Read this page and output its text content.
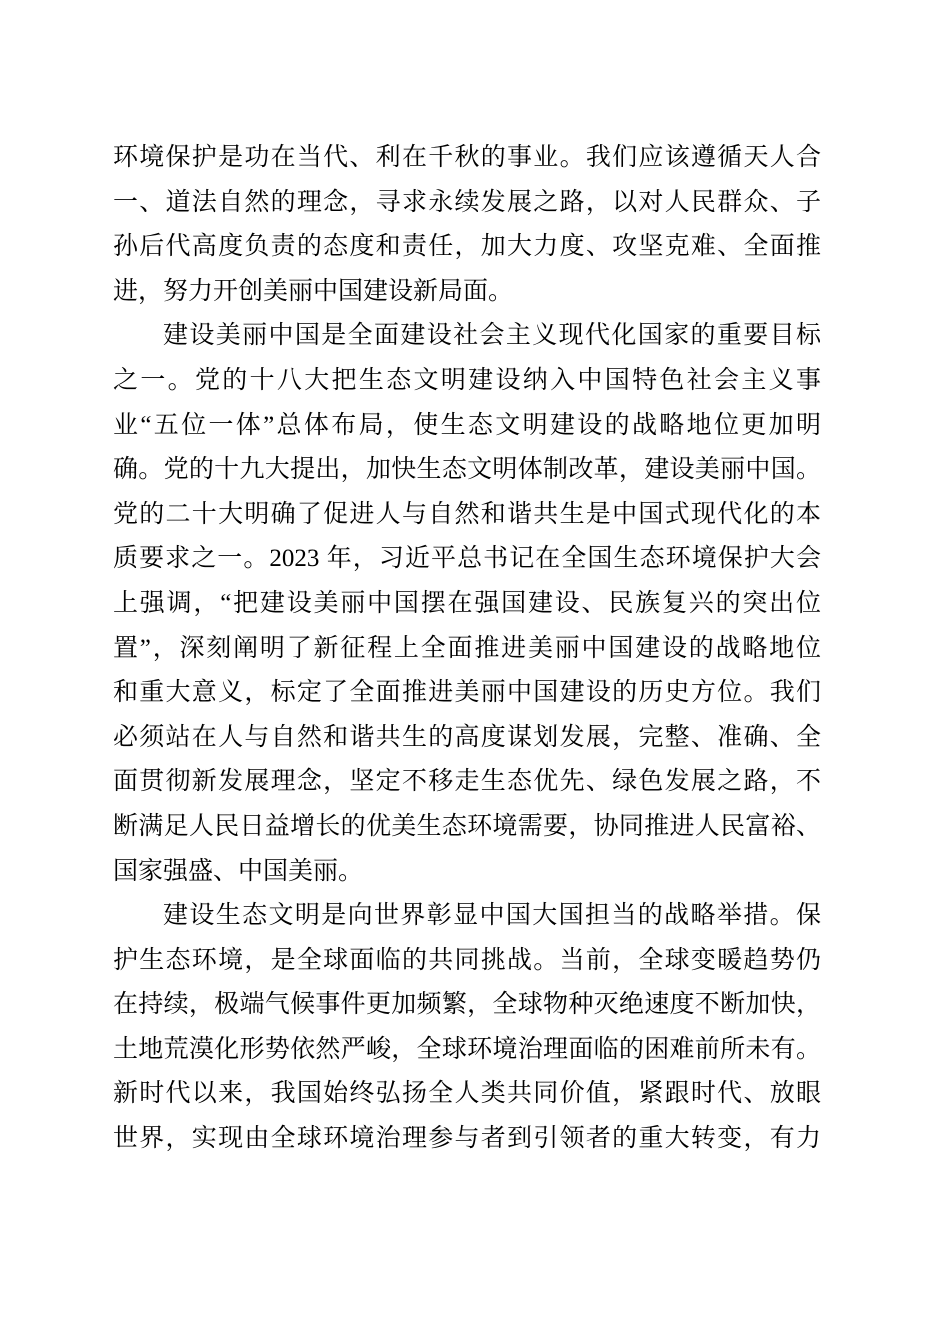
环境保护是功在当代、利在千秋的事业。我们应该遵循天人合
一、道法自然的理念，寻求永续发展之路，以对人民群众、子
孙后代高度负责的态度和责任，加大力度、攻坚克难、全面推
进，努力开创美丽中国建设新局面。

建设美丽中国是全面建设社会主义现代化国家的重要目标
之一。党的十八大把生态文明建设纳入中国特色社会主义事
业“五位一体”总体布局，使生态文明建设的战略地位更加明
确。党的十九大提出，加快生态文明体制改革，建设美丽中国。
党的二十大明确了促进人与自然和谐共生是中国式现代化的本
质要求之一。2023 年，习近平总书记在全国生态环境保护大会
上强调，“把建设美丽中国摆在强国建设、民族复兴的突出位
置”，深刻阐明了新征程上全面推进美丽中国建设的战略地位
和重大意义，标定了全面推进美丽中国建设的历史方位。我们
必须站在人与自然和谐共生的高度谋划发展，完整、准确、全
面贯彻新发展理念，坚定不移走生态优先、绿色发展之路，不
断满足人民日益增长的优美生态环境需要，协同推进人民富裕、
国家强盛、中国美丽。

建设生态文明是向世界彰显中国大国担当的战略举措。保
护生态环境，是全球面临的共同挑战。当前，全球变暖趋势仍
在持续，极端气候事件更加频繁，全球物种灭绝速度不断加快，
土地荒漠化形势依然严峻，全球环境治理面临的困难前所未有。
新时代以来，我国始终弘扬全人类共同价值，紧跟时代、放眼
世界，实现由全球环境治理参与者到引领者的重大转变，有力
